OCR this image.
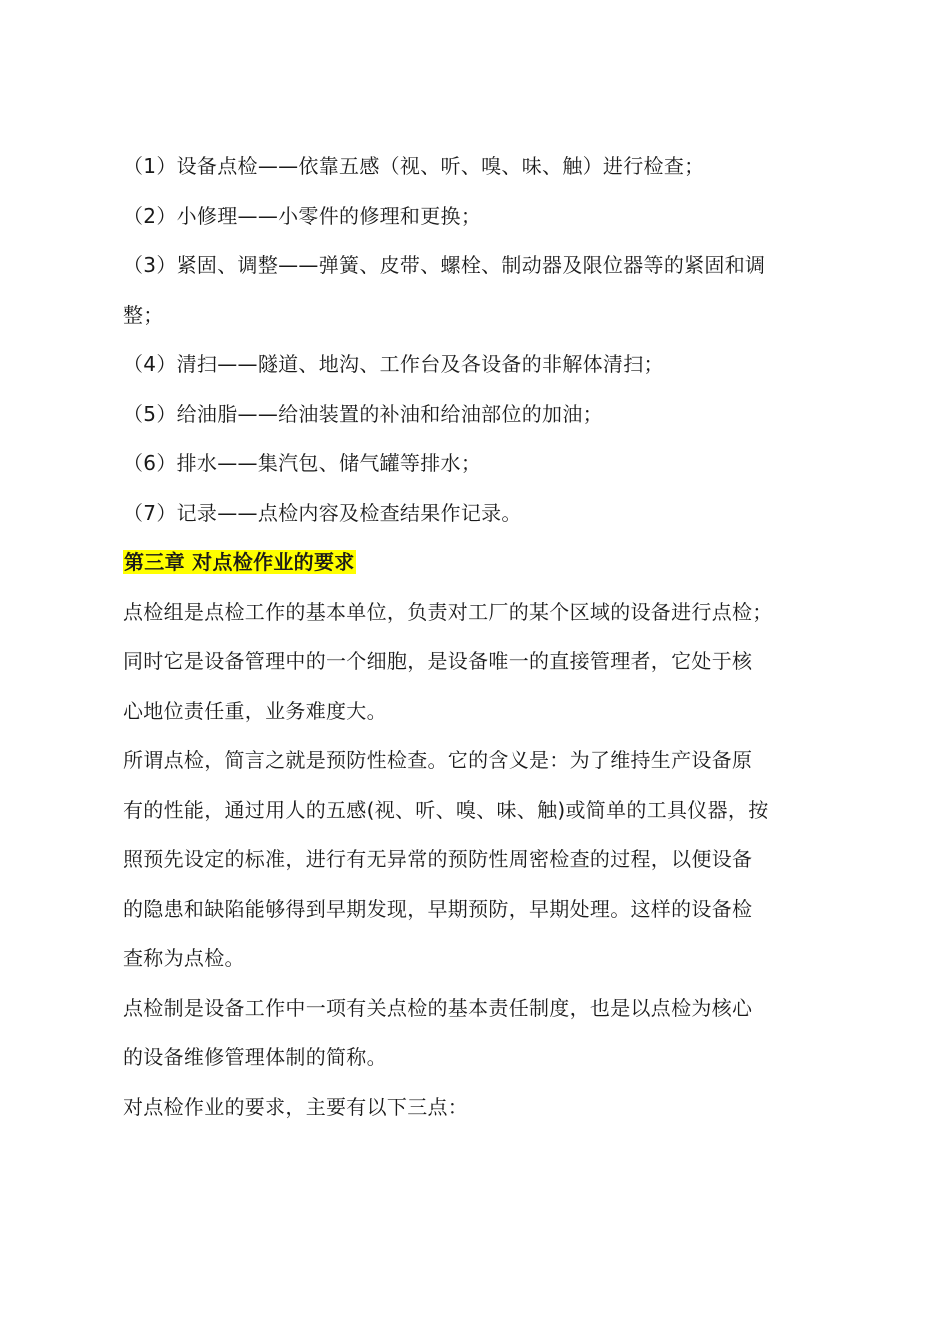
（1）设备点检——依靠五感（视、听、嗅、味、触）进行检查；
（2）小修理——小零件的修理和更换；
（3）紧固、调整——弹簧、皮带、螺栓、制动器及限位器等的紧固和调
整；
（4）清扫——隧道、地沟、工作台及各设备的非解体清扫；
（5）给油脂——给油装置的补油和给油部位的加油；
（6）排水——集汽包、储气罐等排水；
（7）记录——点检内容及检查结果作记录。
第三章 对点检作业的要求
点检组是点检工作的基本单位，负责对工厂的某个区域的设备进行点检；
同时它是设备管理中的一个细胞，是设备唯一的直接管理者，它处于核
心地位责任重，业务难度大。
所谓点检，简言之就是预防性检查。它的含义是：为了维持生产设备原
有的性能，通过用人的五感(视、听、嗅、味、触)或简单的工具仪器，按
照预先设定的标准，进行有无异常的预防性周密检查的过程，以便设备
的隐患和缺陷能够得到早期发现，早期预防，早期处理。这样的设备检
查称为点检。
点检制是设备工作中一项有关点检的基本责任制度，也是以点检为核心
的设备维修管理体制的简称。
对点检作业的要求，主要有以下三点：
